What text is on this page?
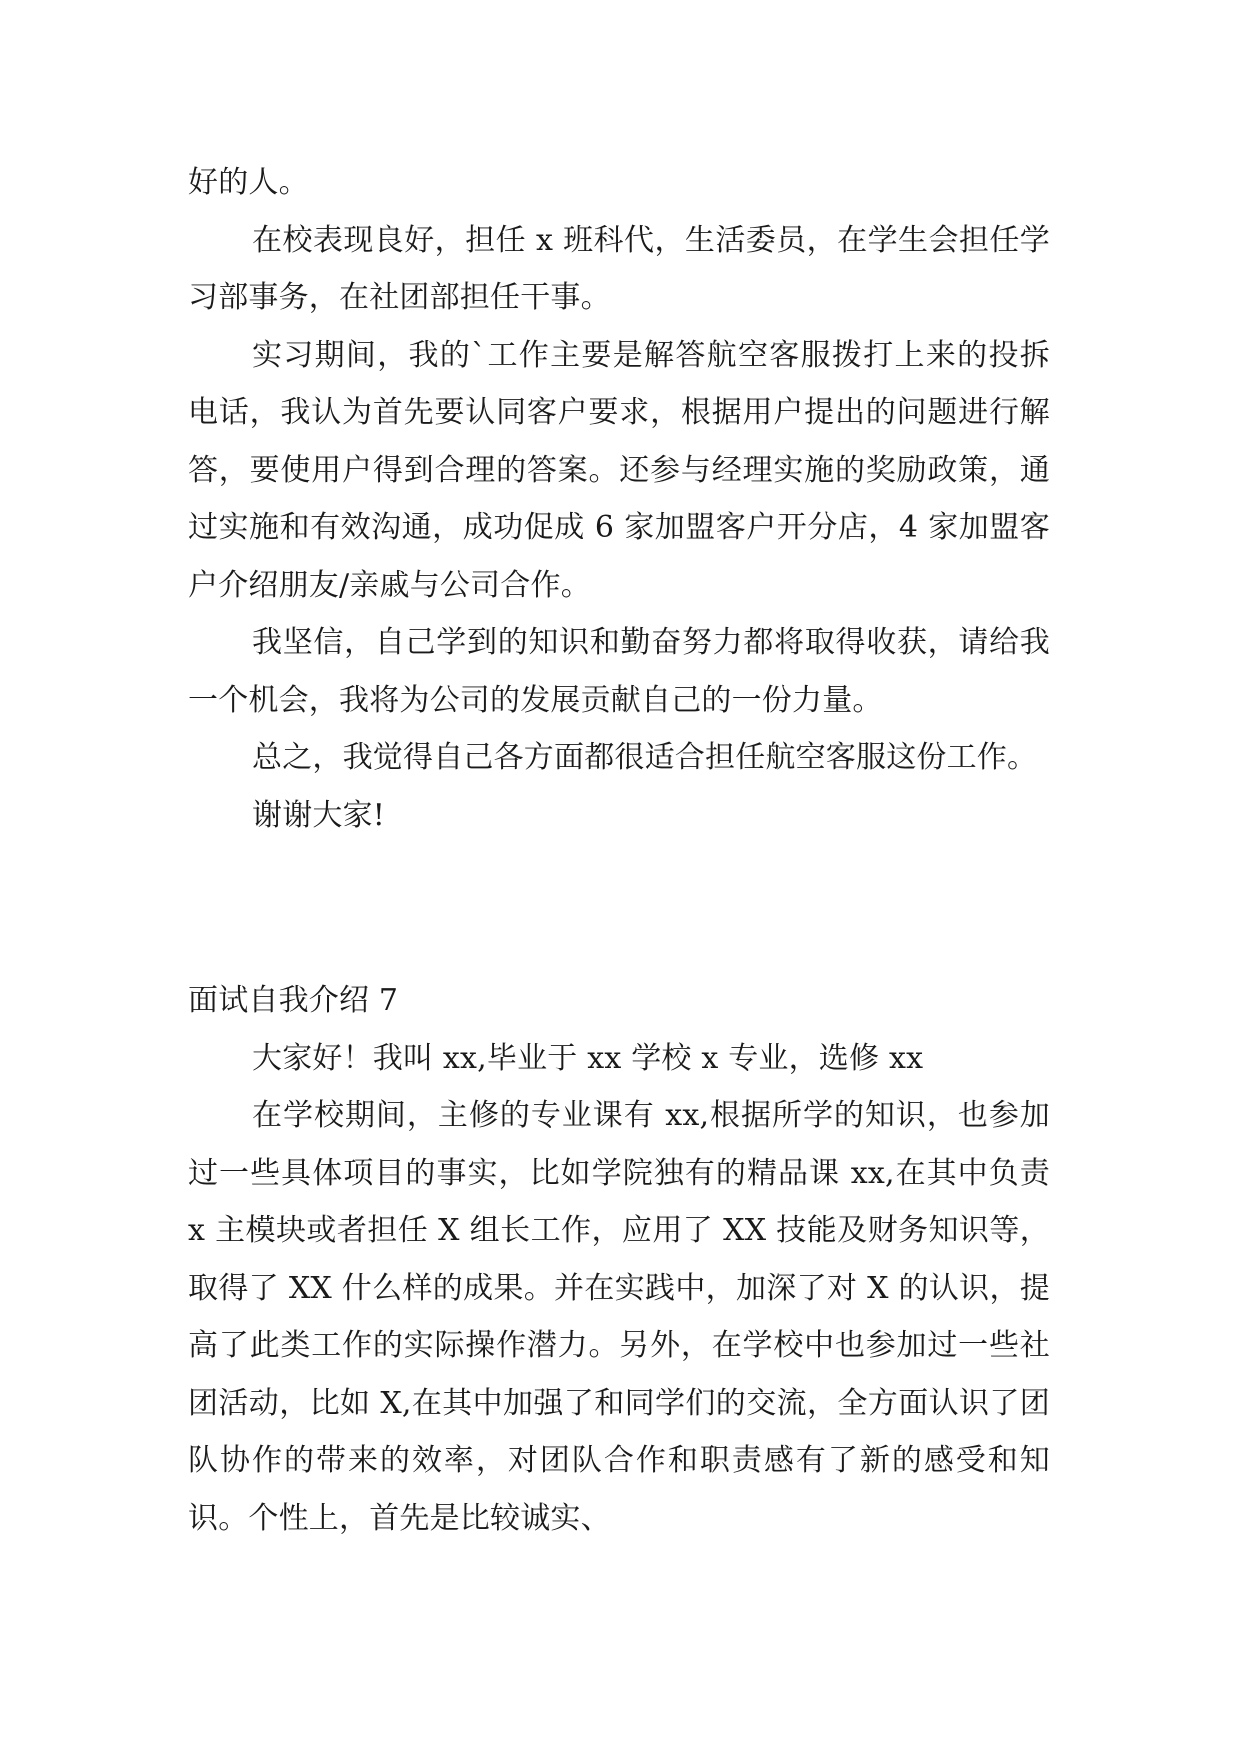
好的人。

在校表现良好，担任 x 班科代，生活委员，在学生会担任学习部事务，在社团部担任干事。

实习期间，我的`工作主要是解答航空客服拨打上来的投拆电话，我认为首先要认同客户要求，根据用户提出的问题进行解答，要使用户得到合理的答案。还参与经理实施的奖励政策，通过实施和有效沟通，成功促成 6 家加盟客户开分店，4 家加盟客户介绍朋友/亲戚与公司合作。

我坚信，自己学到的知识和勤奋努力都将取得收获，请给我一个机会，我将为公司的发展贡献自己的一份力量。

总之，我觉得自己各方面都很适合担任航空客服这份工作。

谢谢大家!

面试自我介绍 7

大家好！我叫 xx,毕业于 xx 学校 x 专业，选修 xx

在学校期间，主修的专业课有 xx,根据所学的知识，也参加过一些具体项目的事实，比如学院独有的精品课 xx,在其中负责 x 主模块或者担任 X 组长工作，应用了 XX 技能及财务知识等，取得了 XX 什么样的成果。并在实践中，加深了对 X 的认识，提高了此类工作的实际操作潜力。另外，在学校中也参加过一些社团活动，比如 X,在其中加强了和同学们的交流，全方面认识了团队协作的带来的效率，对团队合作和职责感有了新的感受和知识。个性上，首先是比较诚实、
